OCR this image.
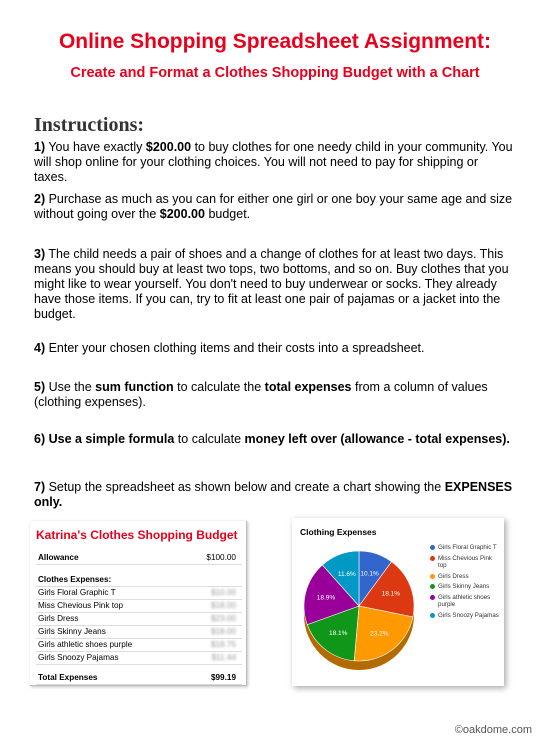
Online Shopping Spreadsheet Assignment:
Create and Format a Clothes Shopping Budget with a Chart
Instructions:

1) You have exactly $200.00 to buy clothes for one needy child in your community. You will shop online for your clothing choices. You will not need to pay for shipping or taxes.

2) Purchase as much as you can for either one girl or one boy your same age and size without going over the $200.00 budget.

3) The child needs a pair of shoes and a change of clothes for at least two days. This means you should buy at least two tops, two bottoms, and so on. Buy clothes that you might like to wear yourself. You don't need to buy underwear or socks. They already have those items. If you can, try to fit at least one pair of pajamas or a jacket into the budget.

4) Enter your chosen clothing items and their costs into a spreadsheet.

5) Use the sum function to calculate the total expenses from a column of values (clothing expenses).

6) Use a simple formula to calculate money left over (allowance - total expenses).

7) Setup the spreadsheet as shown below and create a chart showing the EXPENSES only.

Katrina's Clothes Shopping Budget
Allowance	$100.00
Clothes Expenses:
Girls Floral Graphic T	$10.00
Miss Chevious Pink top	$18.00
Girls Dress	$23.00
Girls Skinny Jeans	$18.00
Girls athletic shoes purple	$18.75
Girls Snoozy Pajamas	$11.44
Total Expenses	$99.19
Clothing Expenses
10.1%
18.1%
23.2%
18.1%
18.9%
11.6%
Girls Floral Graphic T
Miss Chevious Pink top
Girls Dress
Girls Skinny Jeans
Girls athletic shoes purple
Girls Snoozy Pajamas
©oakdome.com
